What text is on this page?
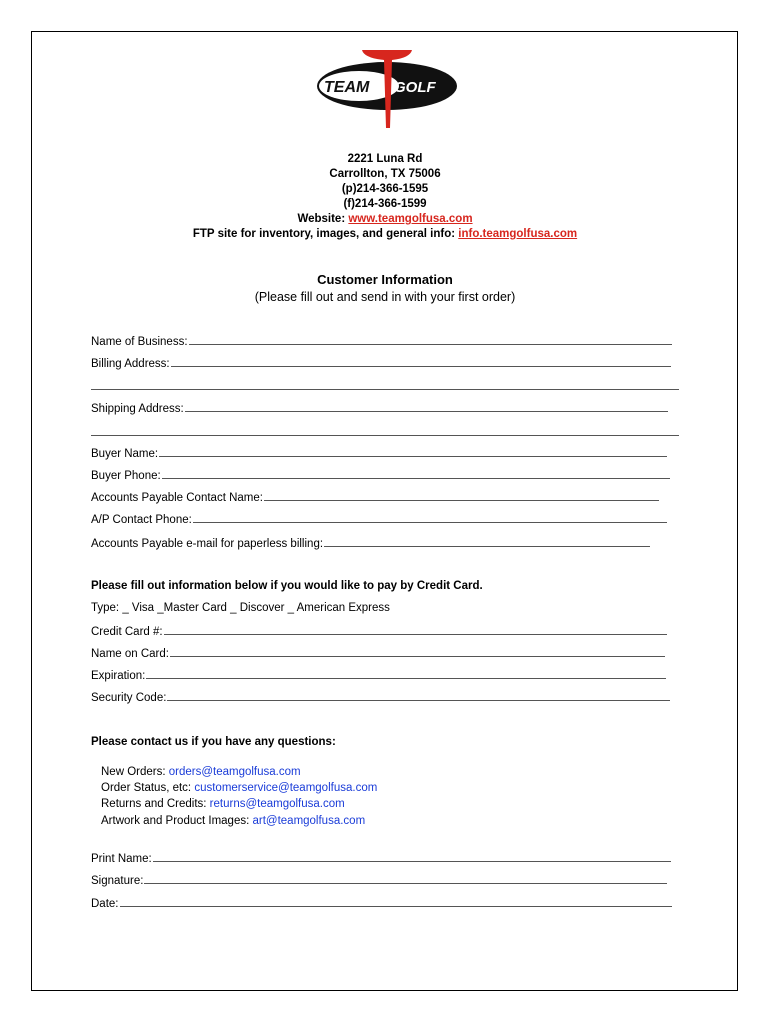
TEAM GOLF
2221 Luna Rd
Carrollton, TX 75006
(p)214-366-1595
(f)214-366-1599
Website: www.teamgolfusa.com
FTP site for inventory, images, and general info: info.teamgolfusa.com
Customer Information
(Please fill out and send in with your first order)
Name of Business:
Billing Address:
Shipping Address:
Buyer Name:
Buyer Phone:
Accounts Payable Contact Name:
A/P Contact Phone:
Accounts Payable e-mail for paperless billing:
Please fill out information below if you would like to pay by Credit Card.
Type: _ Visa _Master Card _ Discover _ American Express
Credit Card #:
Name on Card:
Expiration:
Security Code:
Please contact us if you have any questions:
New Orders: orders@teamgolfusa.com
Order Status, etc: customerservice@teamgolfusa.com
Returns and Credits: returns@teamgolfusa.com
Artwork and Product Images: art@teamgolfusa.com
Print Name:
Signature:
Date:
